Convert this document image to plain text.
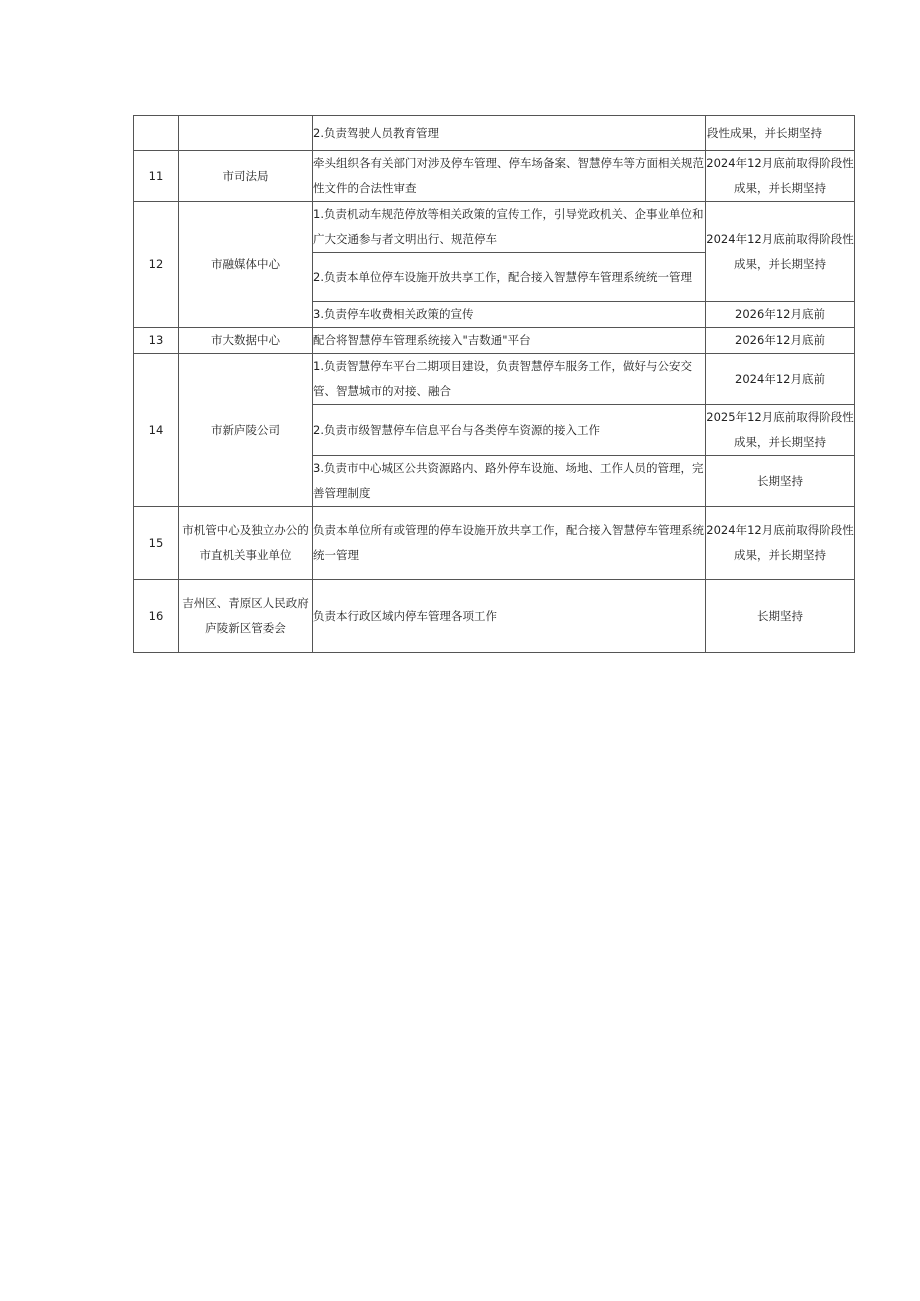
		2.负责驾驶人员教育管理	段性成果，并长期坚持
11	市司法局	牵头组织各有关部门对涉及停车管理、停车场备案、智慧停车等方面相关规范性文件的合法性审查	2024年12月底前取得阶段性成果，并长期坚持
12	市融媒体中心	1.负责机动车规范停放等相关政策的宣传工作，引导党政机关、企事业单位和广大交通参与者文明出行、规范停车	2024年12月底前取得阶段性成果，并长期坚持
		2.负责本单位停车设施开放共享工作，配合接入智慧停车管理系统统一管理	
		3.负责停车收费相关政策的宣传	2026年12月底前
13	市大数据中心	配合将智慧停车管理系统接入"吉数通"平台	2026年12月底前
14	市新庐陵公司	1.负责智慧停车平台二期项目建设，负责智慧停车服务工作，做好与公安交管、智慧城市的对接、融合	2024年12月底前
		2.负责市级智慧停车信息平台与各类停车资源的接入工作	2025年12月底前取得阶段性成果，并长期坚持
		3.负责市中心城区公共资源路内、路外停车设施、场地、工作人员的管理，完善管理制度	长期坚持
15	市机管中心及独立办公的市直机关事业单位	负责本单位所有或管理的停车设施开放共享工作，配合接入智慧停车管理系统统一管理	2024年12月底前取得阶段性成果，并长期坚持
16	吉州区、青原区人民政府庐陵新区管委会	负责本行政区域内停车管理各项工作	长期坚持
